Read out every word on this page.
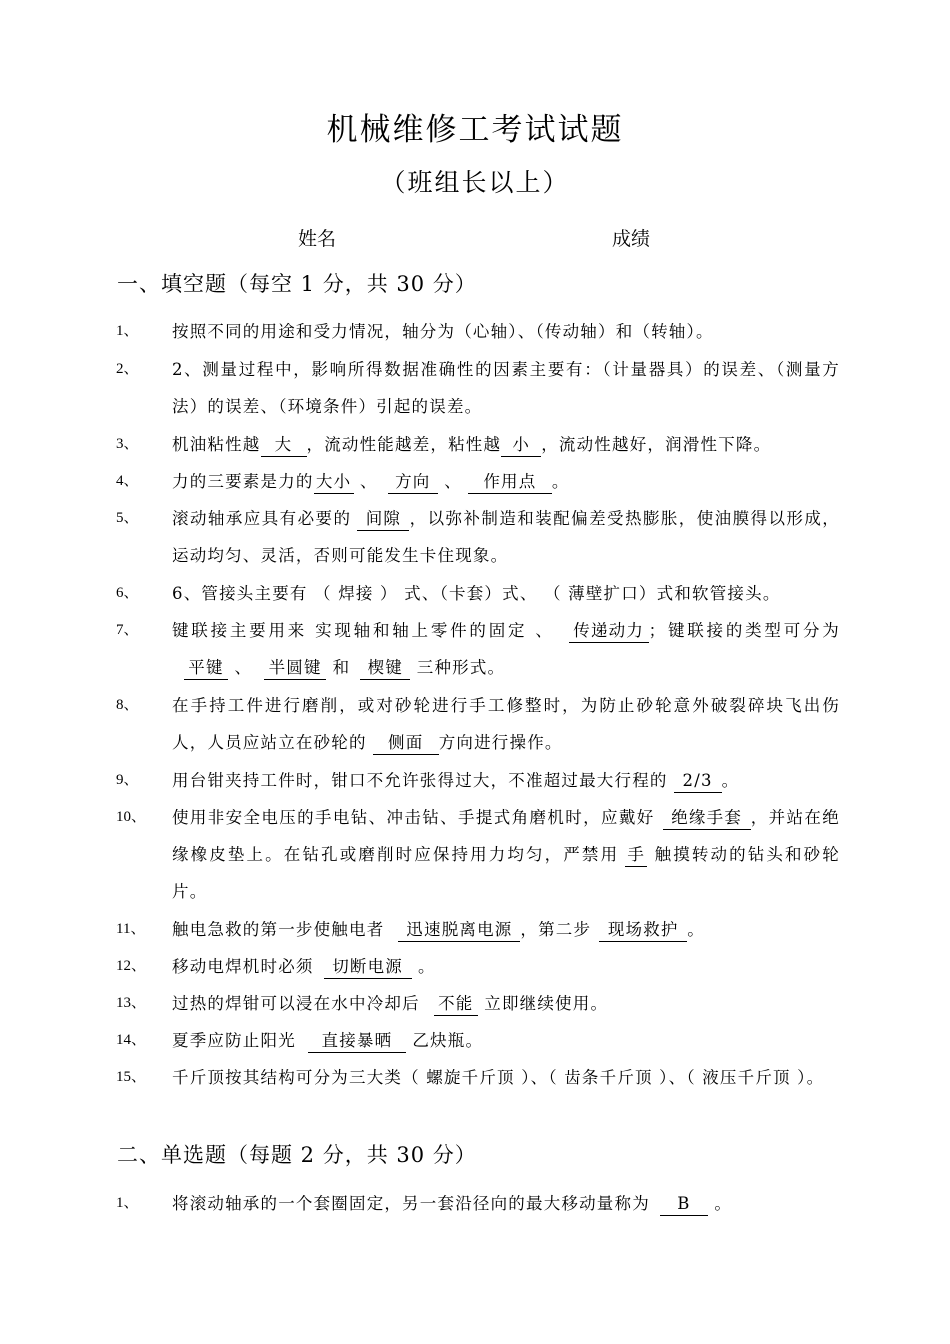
机械维修工考试试题
（班组长以上）
姓名	成绩
一、填空题（每空 1 分，共 30 分）
1、	按照不同的用途和受力情况，轴分为（心轴）、（传动轴）和（转轴）。
2、	2、测量过程中，影响所得数据准确性的因素主要有：（计量器具）的误差、（测量方法）的误差、（环境条件）引起的误差。
3、	机油粘性越 大 ，流动性能越差，粘性越 小 ，流动性越好，润滑性下降。
4、	力的三要素是力的 大小 、 方向 、 作用点 。
5、	滚动轴承应具有必要的 间隙 ，以弥补制造和装配偏差受热膨胀，使油膜得以形成，运动均匀、灵活，否则可能发生卡住现象。
6、	6、管接头主要有 （ 焊接 ） 式、（卡套）式、 （ 薄壁扩口）式和软管接头。
7、	键联接主要用来 实现轴和轴上零件的固定 、 传递动力 ；键联接的类型可分为平键 、 半圆键 和 楔键 三种形式。
8、	在手持工件进行磨削，或对砂轮进行手工修整时，为防止砂轮意外破裂碎块飞出伤人，人员应站立在砂轮的 侧面 方向进行操作。
9、	用台钳夹持工件时，钳口不允许张得过大，不准超过最大行程的 2/3 。
10、	使用非安全电压的手电钻、冲击钻、手提式角磨机时，应戴好 绝缘手套 ，并站在绝缘橡皮垫上。在钻孔或磨削时应保持用力均匀，严禁用 手 触摸转动的钻头和砂轮片。
11、	触电急救的第一步使触电者 迅速脱离电源 ，第二步 现场救护 。
12、	移动电焊机时必须 切断电源 。
13、	过热的焊钳可以浸在水中冷却后 不能 立即继续使用。
14、	夏季应防止阳光 直接暴晒 乙炔瓶。
15、	千斤顶按其结构可分为三大类（ 螺旋千斤顶 ）、（ 齿条千斤顶 ）、（ 液压千斤顶 ）。
二、单选题（每题 2 分，共 30 分）
1、	将滚动轴承的一个套圈固定，另一套沿径向的最大移动量称为 B 。
